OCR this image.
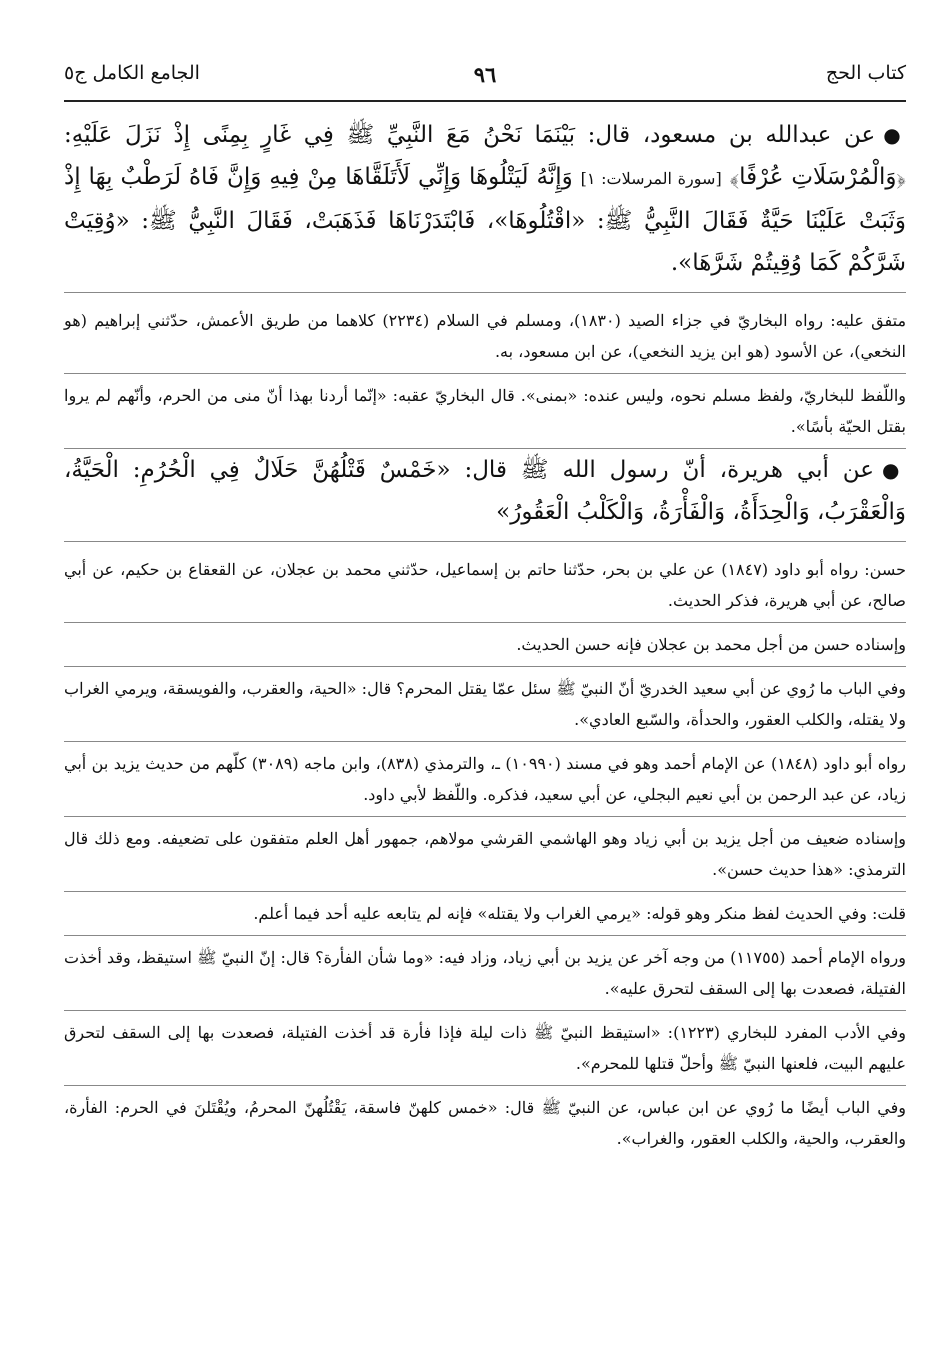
كتاب الحج
٩٦
الجامع الكامل ج٥

●عن عبدالله بن مسعود، قال: بَيْنَمَا نَحْنُ مَعَ النَّبِيِّ ﷺ فِي غَارٍ بِمِنًى إِذْ نَزَلَ عَلَيْهِ: ﴿وَالْمُرْسَلَاتِ عُرْفًا﴾ [سورة المرسلات: ١] وَإِنَّهُ لَيَتْلُوهَا وَإِنِّي لَأَتَلَقَّاهَا مِنْ فِيهِ وَإِنَّ فَاهُ لَرَطْبٌ بِهَا إِذْ وَثَبَتْ عَلَيْنَا حَيَّةٌ فَقَالَ النَّبِيُّ ﷺ: «اقْتُلُوهَا»، فَابْتَدَرْنَاهَا فَذَهَبَتْ، فَقَالَ النَّبِيُّ ﷺ: «وُقِيَتْ شَرَّكُمْ كَمَا وُقِيتُمْ شَرَّهَا».

متفق عليه: رواه البخاريّ في جزاء الصيد (١٨٣٠)، ومسلم في السلام (٢٢٣٤) كلاهما من طريق الأعمش، حدّثني إبراهيم (هو النخعي)، عن الأسود (هو ابن يزيد النخعي)، عن ابن مسعود، به.

واللّفظ للبخاريّ، ولفظ مسلم نحوه، وليس عنده: «بمنى». قال البخاريّ عقبه: «إنّما أردنا بهذا أنّ منى من الحرم، وأنّهم لم يروا بقتل الحيّة بأسًا».

●عن أبي هريرة، أنّ رسول الله ﷺ قال: «خَمْسٌ قَتْلُهُنَّ حَلَالٌ فِي الْحُرُمِ: الْحَيَّةُ، وَالْعَقْرَبُ، وَالْحِدَأَةُ، وَالْفَأْرَةُ، وَالْكَلْبُ الْعَقُورُ»

حسن: رواه أبو داود (١٨٤٧) عن علي بن بحر، حدّثنا حاتم بن إسماعيل، حدّثني محمد بن عجلان، عن القعقاع بن حكيم، عن أبي صالح، عن أبي هريرة، فذكر الحديث.

وإسناده حسن من أجل محمد بن عجلان فإنه حسن الحديث.

وفي الباب ما رُوي عن أبي سعيد الخدريّ أنّ النبيّ ﷺ سئل عمّا يقتل المحرم؟ قال: «الحية، والعقرب، والفويسقة، ويرمي الغراب ولا يقتله، والكلب العقور، والحدأة، والسّبع العادي».

رواه أبو داود (١٨٤٨) عن الإمام أحمد وهو في مسند (١٠٩٩٠) ـ، والترمذي (٨٣٨)، وابن ماجه (٣٠٨٩) كلّهم من حديث يزيد بن أبي زياد، عن عبد الرحمن بن أبي نعيم البجلي، عن أبي سعيد، فذكره. واللّفظ لأبي داود.

وإسناده ضعيف من أجل يزيد بن أبي زياد وهو الهاشمي القرشي مولاهم، جمهور أهل العلم متفقون على تضعيفه. ومع ذلك قال الترمذي: «هذا حديث حسن».

قلت: وفي الحديث لفظ منكر وهو قوله: «يرمي الغراب ولا يقتله» فإنه لم يتابعه عليه أحد فيما أعلم.

ورواه الإمام أحمد (١١٧٥٥) من وجه آخر عن يزيد بن أبي زياد، وزاد فيه: «وما شأن الفأرة؟ قال: إنّ النبيّ ﷺ استيقظ، وقد أخذت الفتيلة، فصعدت بها إلى السقف لتحرق عليه».

وفي الأدب المفرد للبخاري (١٢٢٣): «استيقظ النبيّ ﷺ ذات ليلة فإذا فأرة قد أخذت الفتيلة، فصعدت بها إلى السقف لتحرق عليهم البيت، فلعنها النبيّ ﷺ وأحلّ قتلها للمحرم».

وفي الباب أيضًا ما رُوي عن ابن عباس، عن النبيّ ﷺ قال: «خمس كلهنّ فاسقة، يَقْتُلُهنّ المحرمُ، ويُقْتَلنَ في الحرم: الفأرة، والعقرب، والحية، والكلب العقور، والغراب».
